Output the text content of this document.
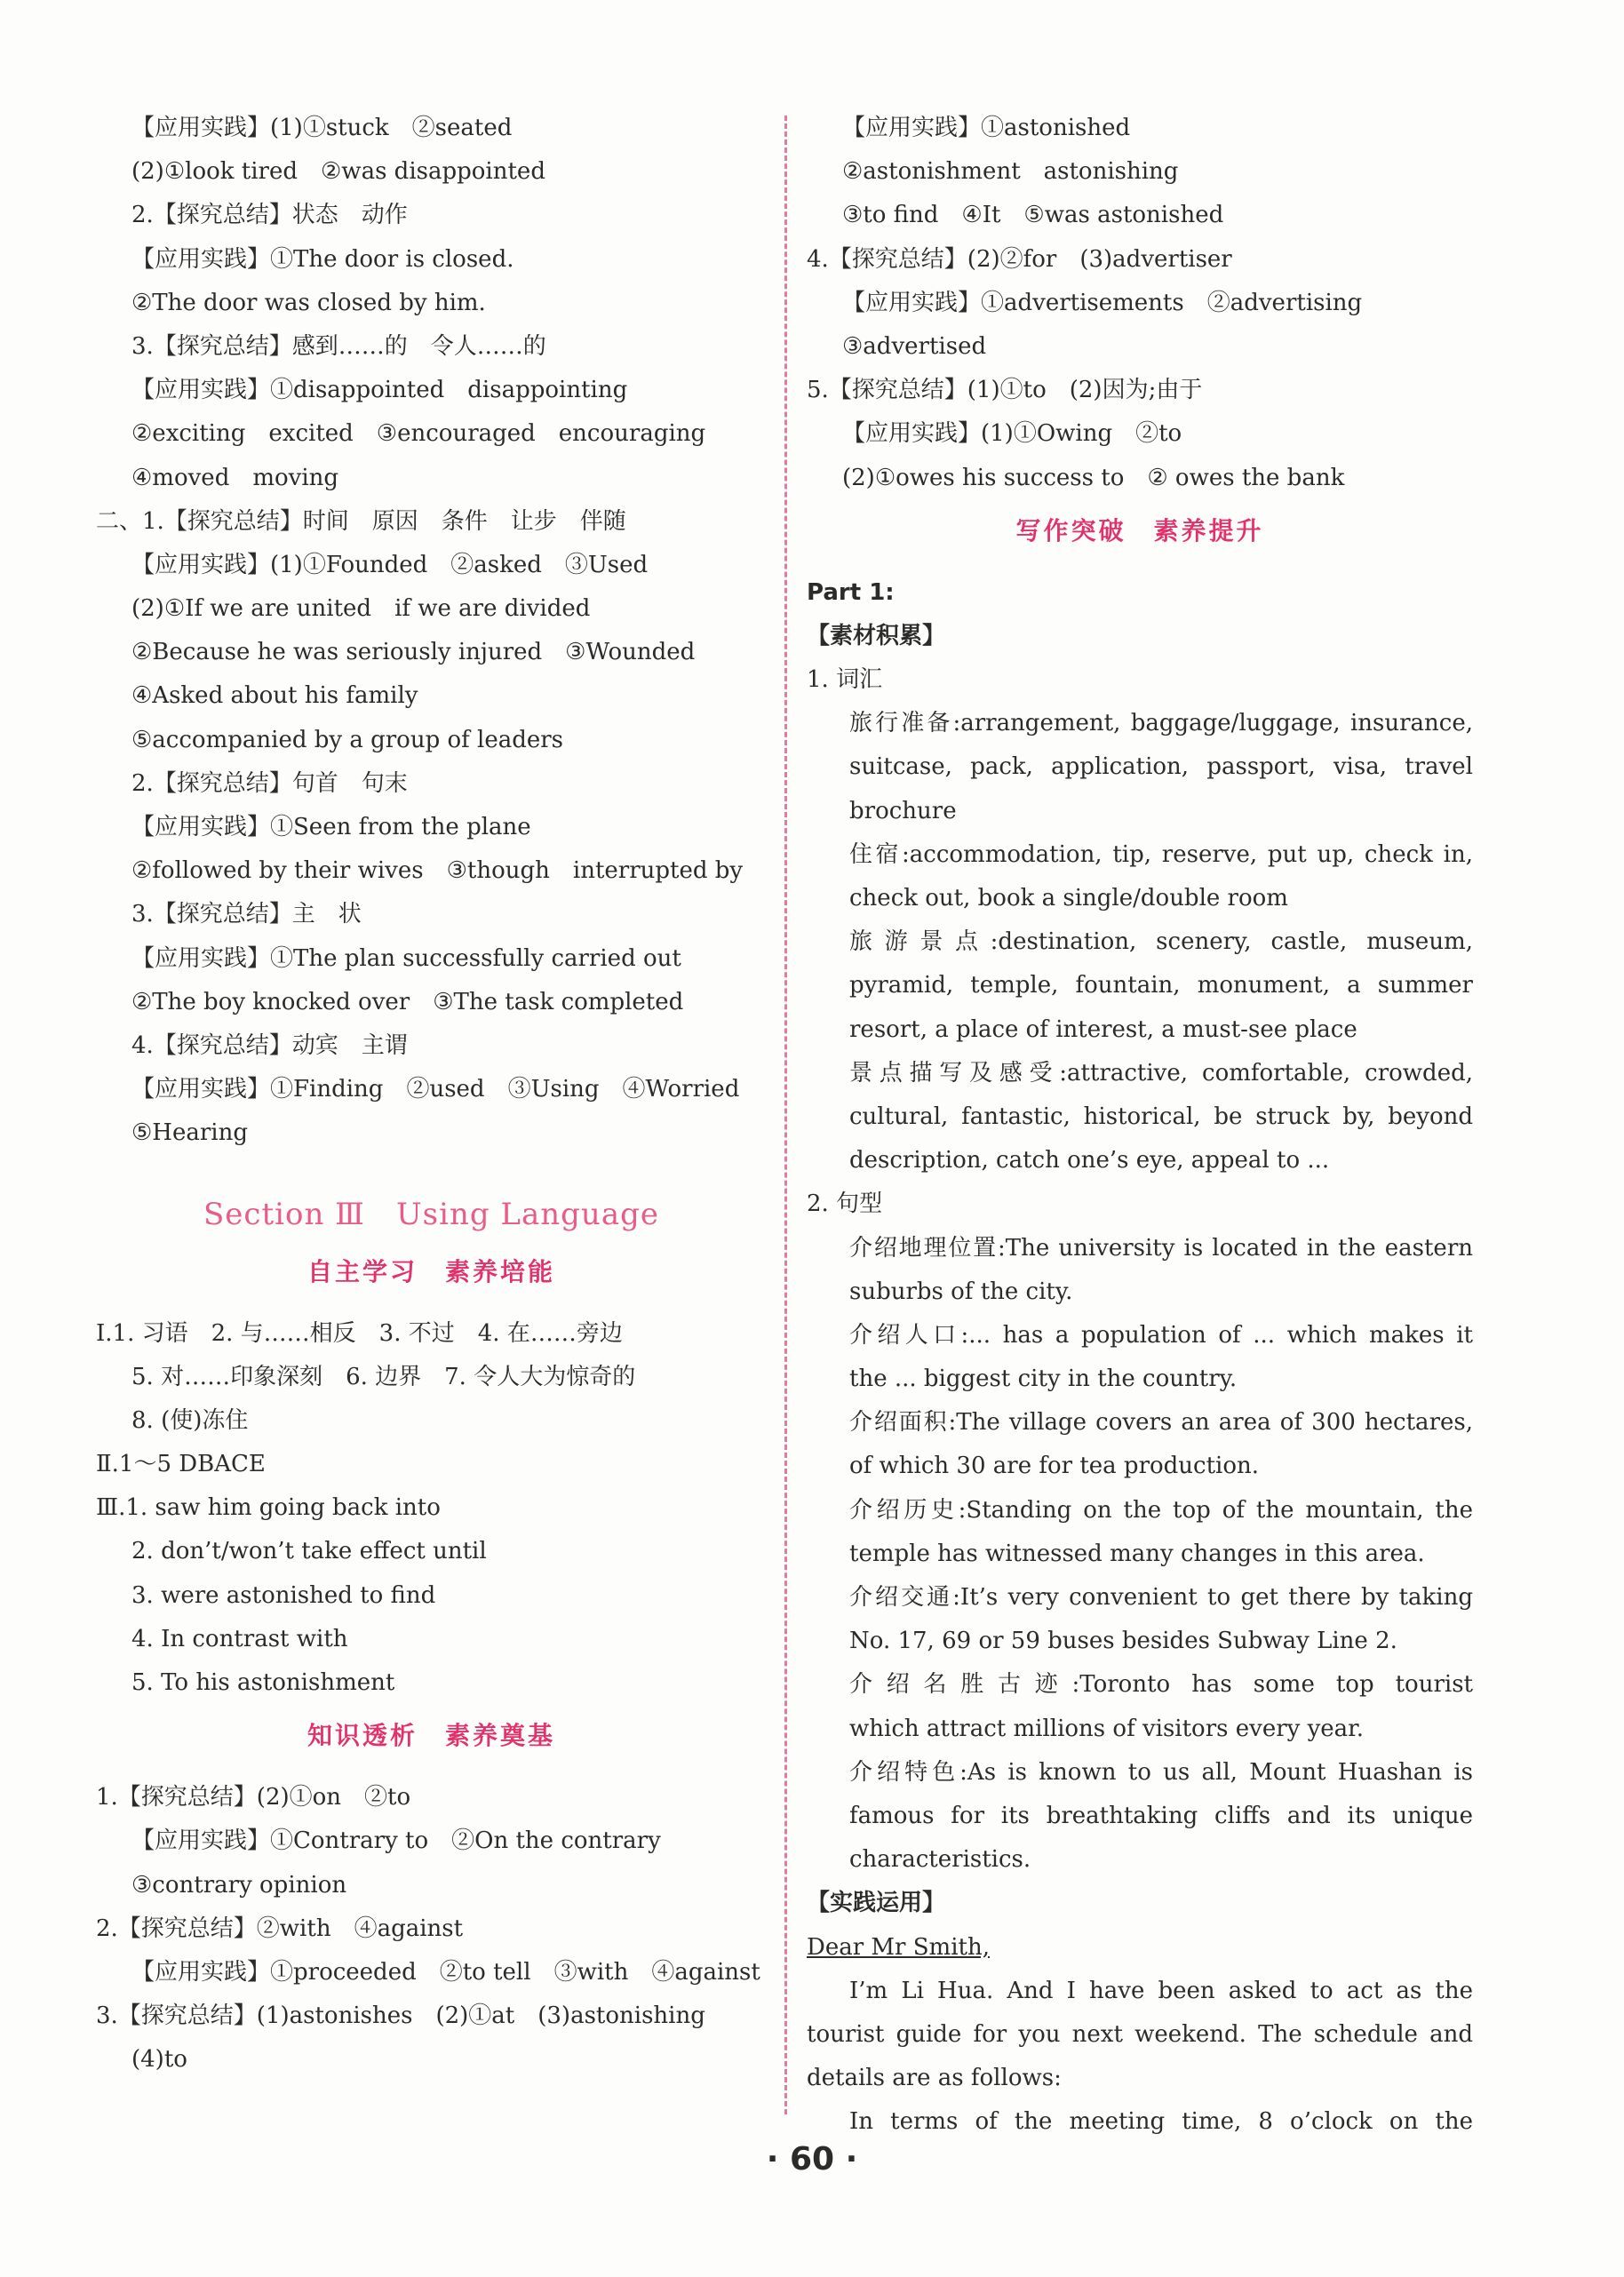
【应用实践】(1)①stuck　②seated
(2)①look tired　②was disappointed
2.【探究总结】状态　动作
【应用实践】①The door is closed.
②The door was closed by him.
3.【探究总结】感到……的　令人……的
【应用实践】①disappointed　disappointing
②exciting　excited　③encouraged　encouraging
④moved　moving
二、1.【探究总结】时间　原因　条件　让步　伴随
【应用实践】(1)①Founded　②asked　③Used
(2)①If we are united　if we are divided
②Because he was seriously injured　③Wounded
④Asked about his family
⑤accompanied by a group of leaders
2.【探究总结】句首　句末
【应用实践】①Seen from the plane
②followed by their wives　③though　interrupted by
3.【探究总结】主　状
【应用实践】①The plan successfully carried out
②The boy knocked over　③The task completed
4.【探究总结】动宾　主谓
【应用实践】①Finding　②used　③Using　④Worried
⑤Hearing
Section Ⅲ　Using Language
自主学习　素养培能
Ⅰ.1. 习语　2. 与……相反　3. 不过　4. 在……旁边
5. 对……印象深刻　6. 边界　7. 令人大为惊奇的
8. (使)冻住
Ⅱ.1～5 DBACE
Ⅲ.1. saw him going back into
2. don’t/won’t take effect until
3. were astonished to find
4. In contrast with
5. To his astonishment
知识透析　素养奠基
1.【探究总结】(2)①on　②to
【应用实践】①Contrary to　②On the contrary
③contrary opinion
2.【探究总结】②with　④against
【应用实践】①proceeded　②to tell　③with　④against
3.【探究总结】(1)astonishes　(2)①at　(3)astonishing
(4)to
【应用实践】①astonished
②astonishment　astonishing
③to find　④It　⑤was astonished
4.【探究总结】(2)②for　(3)advertiser
【应用实践】①advertisements　②advertising
③advertised
5.【探究总结】(1)①to　(2)因为;由于
【应用实践】(1)①Owing　②to
(2)①owes his success to　② owes the bank
写作突破　素养提升
Part 1:
【素材积累】
1. 词汇
旅行准备:arrangement, baggage/luggage, insurance,
suitcase, pack, application, passport, visa, travel
brochure
住宿:accommodation, tip, reserve, put up, check in,
check out, book a single/double room
旅游景点:destination, scenery, castle, museum,
pyramid, temple, fountain, monument, a summer
resort, a place of interest, a must-see place
景点描写及感受:attractive, comfortable, crowded,
cultural, fantastic, historical, be struck by, beyond
description, catch one’s eye, appeal to ...
2. 句型
介绍地理位置:The university is located in the eastern
suburbs of the city.
介绍人口:... has a population of ... which makes it
the ... biggest city in the country.
介绍面积:The village covers an area of 300 hectares,
of which 30 are for tea production.
介绍历史:Standing on the top of the mountain, the
temple has witnessed many changes in this area.
介绍交通:It’s very convenient to get there by taking
No. 17, 69 or 59 buses besides Subway Line 2.
介绍名胜古迹:Toronto has some top tourist
which attract millions of visitors every year.
介绍特色:As is known to us all, Mount Huashan is
famous for its breathtaking cliffs and its unique
characteristics.
【实践运用】
Dear Mr Smith,
I’m Li Hua. And I have been asked to act as the
tourist guide for you next weekend. The schedule and
details are as follows:
In terms of the meeting time, 8 o’clock on the
· 60 ·
